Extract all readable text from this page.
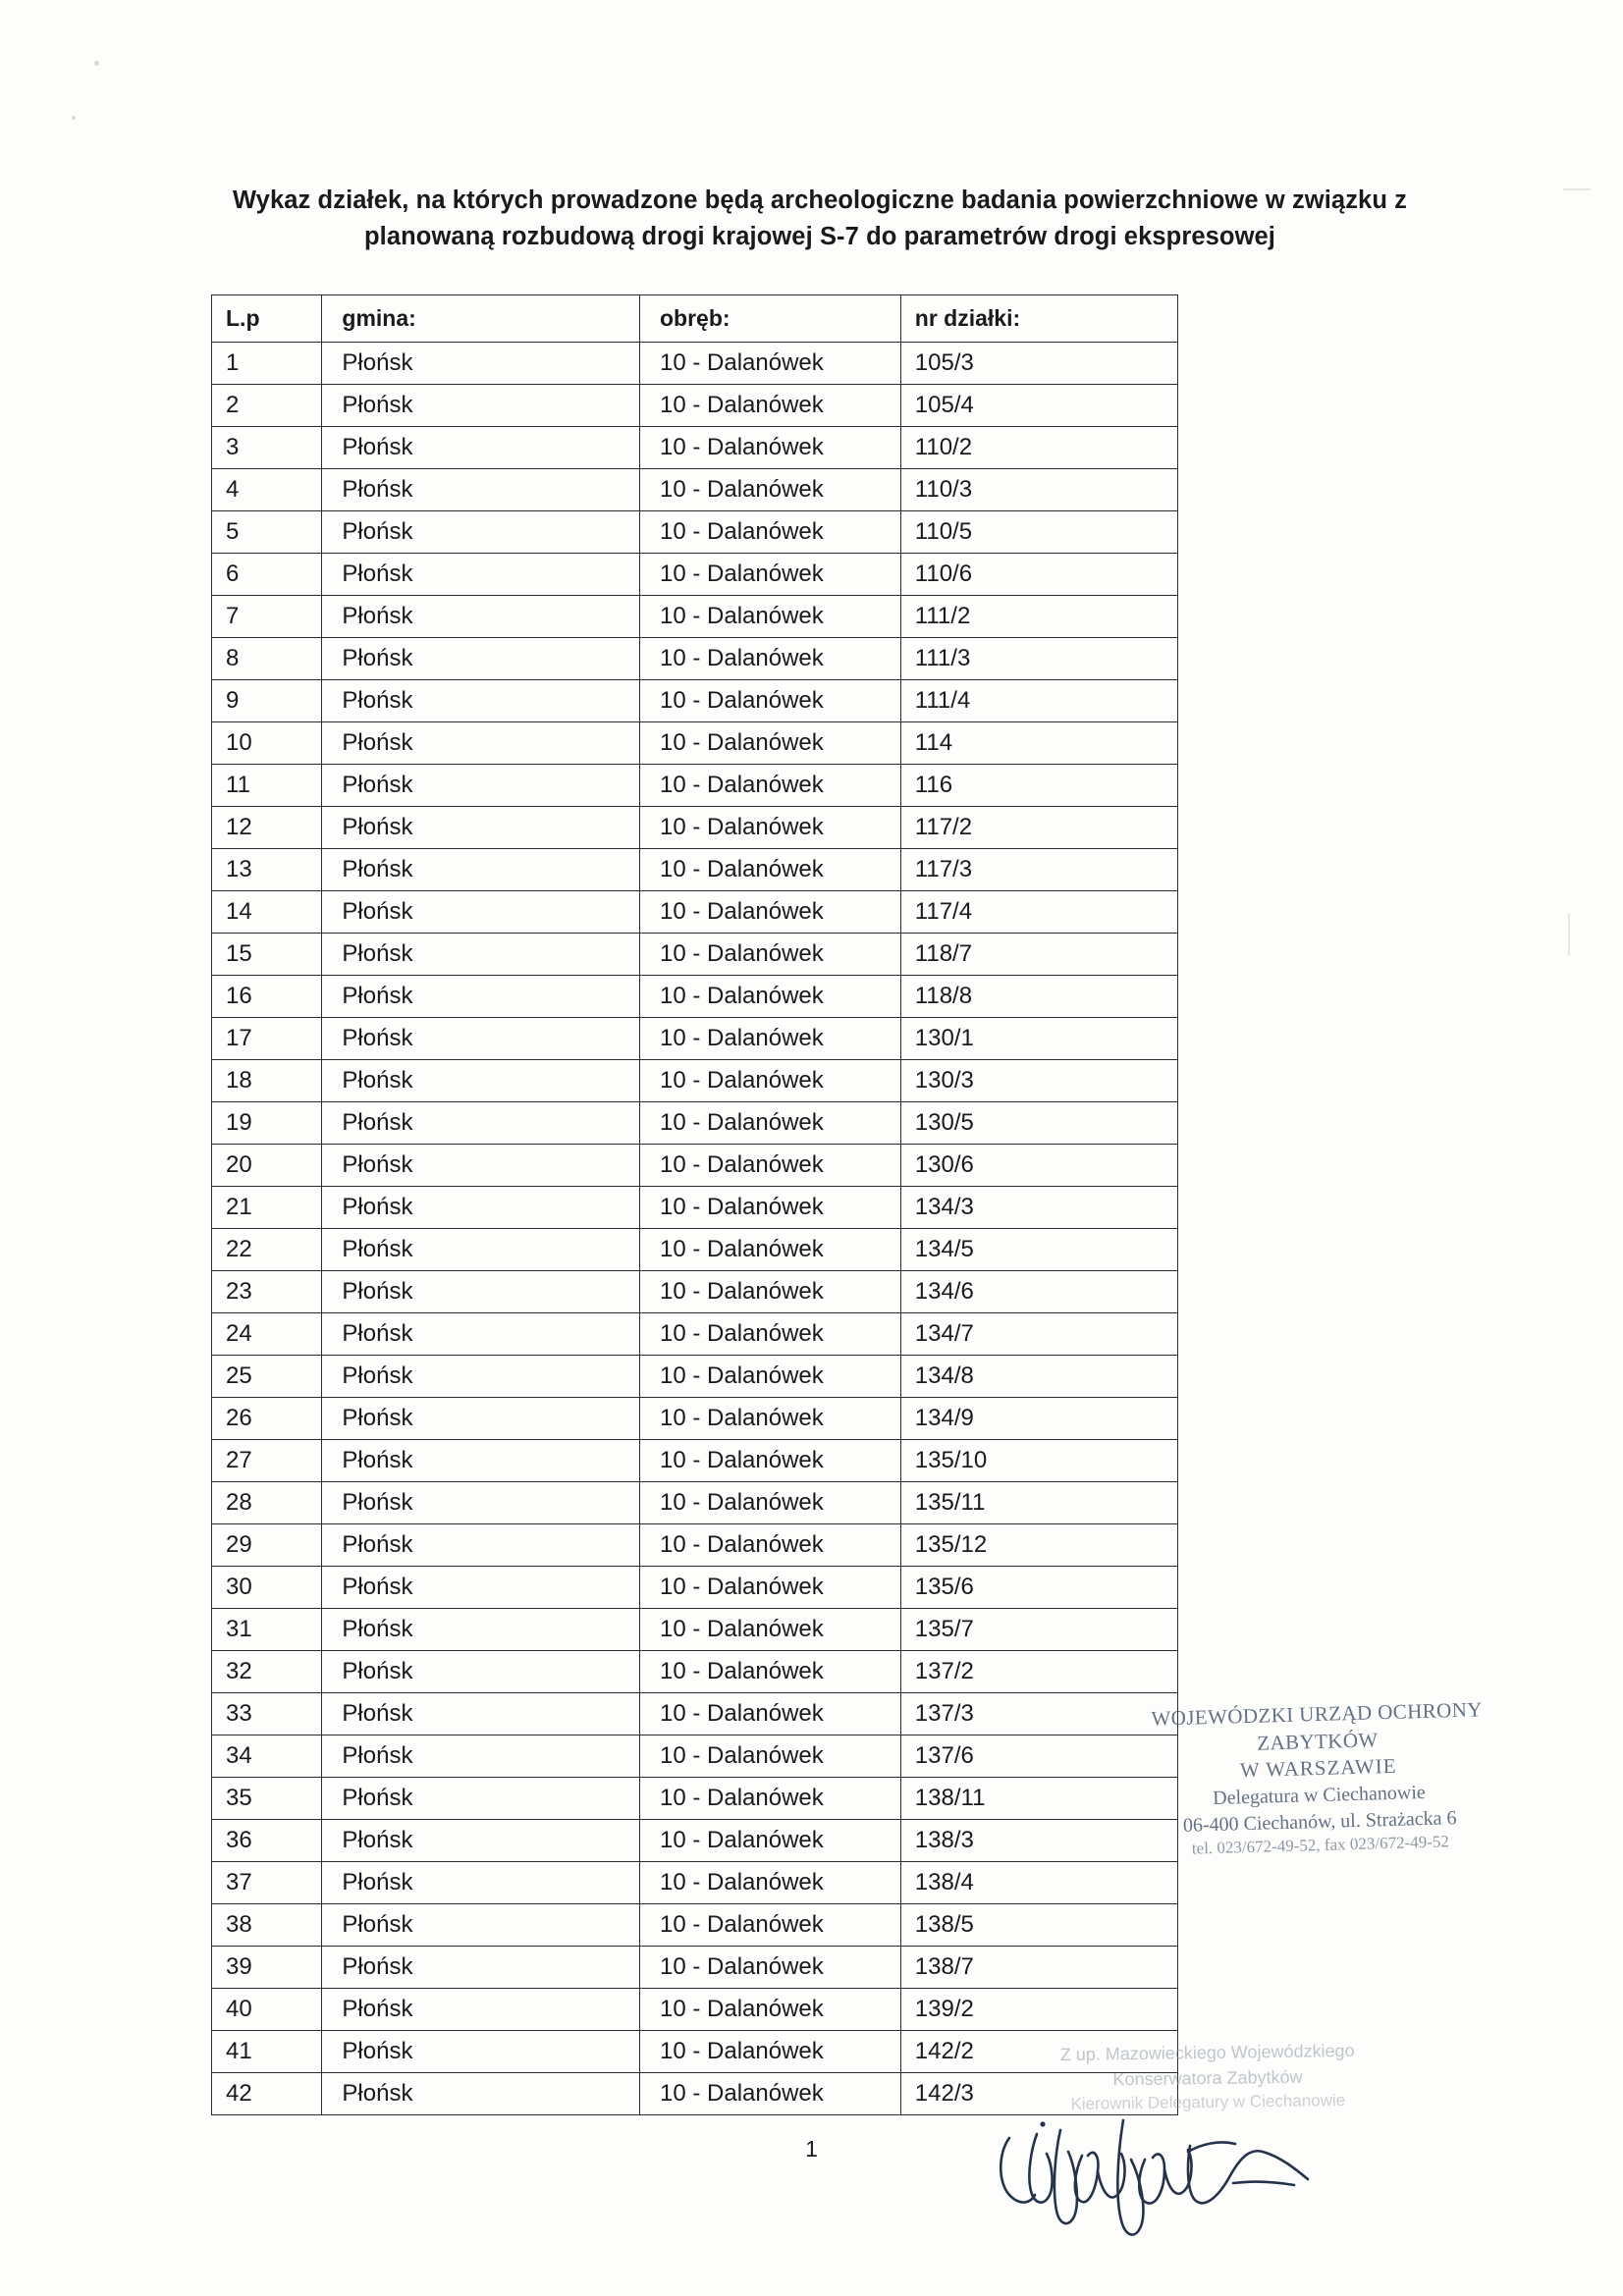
Wykaz działek, na których prowadzone będą archeologiczne badania powierzchniowe w związku z
planowaną rozbudową drogi krajowej S-7 do parametrów drogi ekspresowej
L.p	gmina:	obręb:	nr działki:
1	Płońsk	10 - Dalanówek	105/3
2	Płońsk	10 - Dalanówek	105/4
3	Płońsk	10 - Dalanówek	110/2
4	Płońsk	10 - Dalanówek	110/3
5	Płońsk	10 - Dalanówek	110/5
6	Płońsk	10 - Dalanówek	110/6
7	Płońsk	10 - Dalanówek	111/2
8	Płońsk	10 - Dalanówek	111/3
9	Płońsk	10 - Dalanówek	111/4
10	Płońsk	10 - Dalanówek	114
11	Płońsk	10 - Dalanówek	116
12	Płońsk	10 - Dalanówek	117/2
13	Płońsk	10 - Dalanówek	117/3
14	Płońsk	10 - Dalanówek	117/4
15	Płońsk	10 - Dalanówek	118/7
16	Płońsk	10 - Dalanówek	118/8
17	Płońsk	10 - Dalanówek	130/1
18	Płońsk	10 - Dalanówek	130/3
19	Płońsk	10 - Dalanówek	130/5
20	Płońsk	10 - Dalanówek	130/6
21	Płońsk	10 - Dalanówek	134/3
22	Płońsk	10 - Dalanówek	134/5
23	Płońsk	10 - Dalanówek	134/6
24	Płońsk	10 - Dalanówek	134/7
25	Płońsk	10 - Dalanówek	134/8
26	Płońsk	10 - Dalanówek	134/9
27	Płońsk	10 - Dalanówek	135/10
28	Płońsk	10 - Dalanówek	135/11
29	Płońsk	10 - Dalanówek	135/12
30	Płońsk	10 - Dalanówek	135/6
31	Płońsk	10 - Dalanówek	135/7
32	Płońsk	10 - Dalanówek	137/2
33	Płońsk	10 - Dalanówek	137/3
34	Płońsk	10 - Dalanówek	137/6
35	Płońsk	10 - Dalanówek	138/11
36	Płońsk	10 - Dalanówek	138/3
37	Płońsk	10 - Dalanówek	138/4
38	Płońsk	10 - Dalanówek	138/5
39	Płońsk	10 - Dalanówek	138/7
40	Płońsk	10 - Dalanówek	139/2
41	Płońsk	10 - Dalanówek	142/2
42	Płońsk	10 - Dalanówek	142/3
1
WOJEWÓDZKI URZĄD OCHRONY ZABYTKÓW
W WARSZAWIE
Delegatura w Ciechanowie
06-400 Ciechanów, ul. Strażacka 6
tel. 023/672-49-52, fax 023/672-49-52
Z up. Mazowieckiego Wojewódzkiego
Konserwatora Zabytków
Kierownik Delegatury w Ciechanowie
